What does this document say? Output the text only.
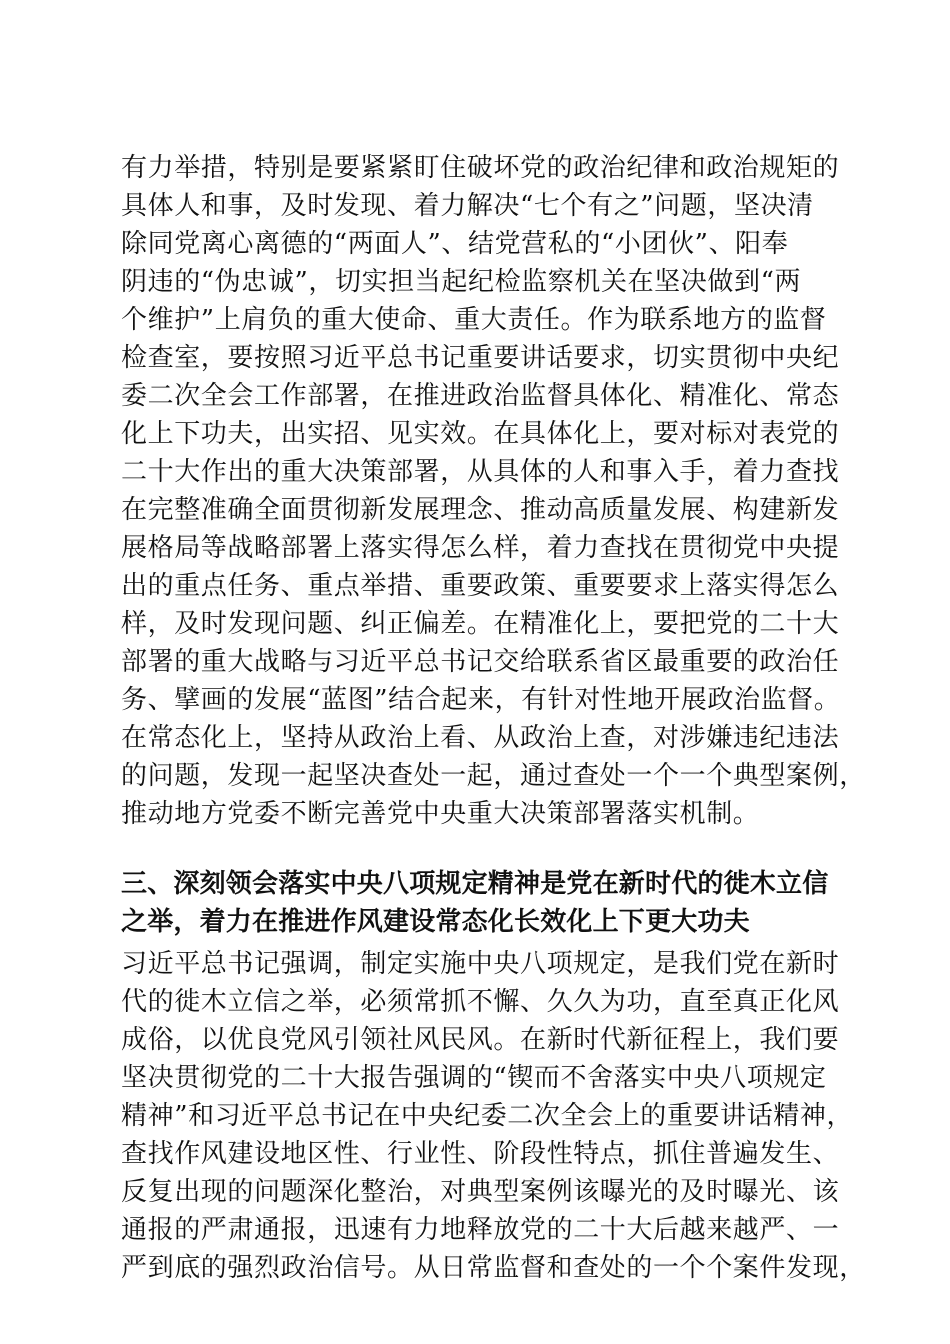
有力举措，特别是要紧紧盯住破坏党的政治纪律和政治规矩的
具体人和事，及时发现、着力解决“七个有之”问题，坚决清
除同党离心离德的“两面人”、结党营私的“小团伙”、阳奉
阴违的“伪忠诚”，切实担当起纪检监察机关在坚决做到“两
个维护”上肩负的重大使命、重大责任。作为联系地方的监督
检查室，要按照习近平总书记重要讲话要求，切实贯彻中央纪
委二次全会工作部署，在推进政治监督具体化、精准化、常态
化上下功夫，出实招、见实效。在具体化上，要对标对表党的
二十大作出的重大决策部署，从具体的人和事入手，着力查找
在完整准确全面贯彻新发展理念、推动高质量发展、构建新发
展格局等战略部署上落实得怎么样，着力查找在贯彻党中央提
出的重点任务、重点举措、重要政策、重要要求上落实得怎么
样，及时发现问题、纠正偏差。在精准化上，要把党的二十大
部署的重大战略与习近平总书记交给联系省区最重要的政治任
务、擘画的发展“蓝图”结合起来，有针对性地开展政治监督。
在常态化上，坚持从政治上看、从政治上查，对涉嫌违纪违法
的问题，发现一起坚决查处一起，通过查处一个一个典型案例，
推动地方党委不断完善党中央重大决策部署落实机制。
三、深刻领会落实中央八项规定精神是党在新时代的徙木立信
之举，着力在推进作风建设常态化长效化上下更大功夫
习近平总书记强调，制定实施中央八项规定，是我们党在新时
代的徙木立信之举，必须常抓不懈、久久为功，直至真正化风
成俗，以优良党风引领社风民风。在新时代新征程上，我们要
坚决贯彻党的二十大报告强调的“锲而不舍落实中央八项规定
精神”和习近平总书记在中央纪委二次全会上的重要讲话精神，
查找作风建设地区性、行业性、阶段性特点，抓住普遍发生、
反复出现的问题深化整治，对典型案例该曝光的及时曝光、该
通报的严肃通报，迅速有力地释放党的二十大后越来越严、一
严到底的强烈政治信号。从日常监督和查处的一个个案件发现，
